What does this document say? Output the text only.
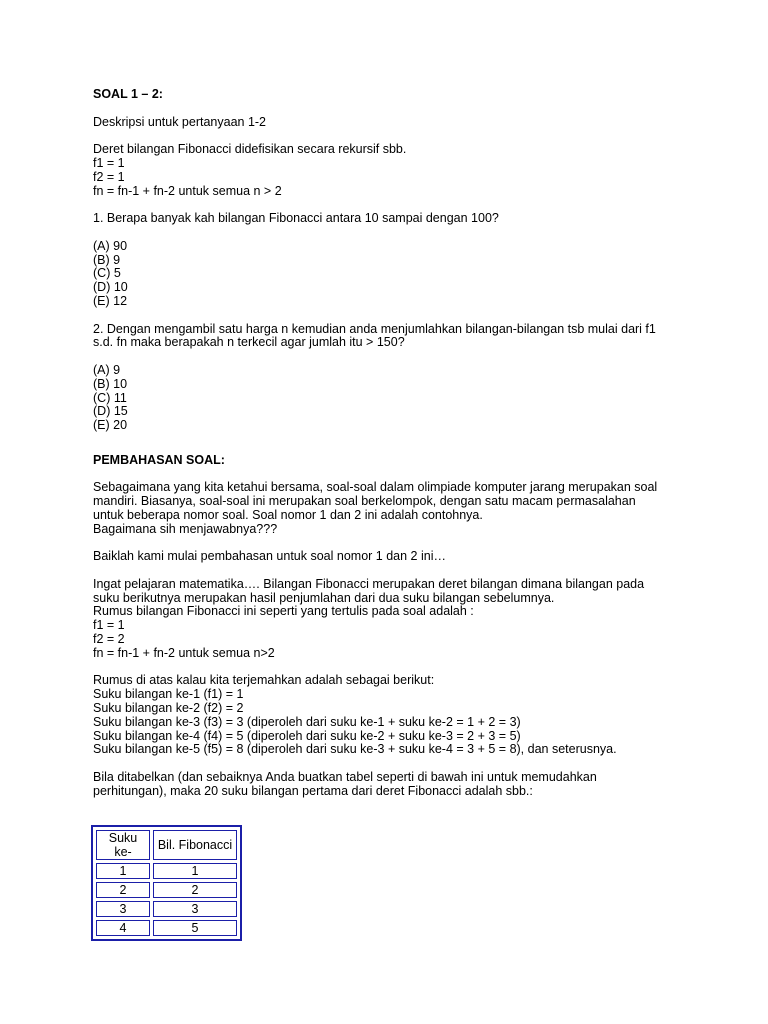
SOAL 1 – 2:
Deskripsi untuk pertanyaan 1-2
Deret bilangan Fibonacci didefisikan secara rekursif sbb.
f1 = 1
f2 = 1
fn = fn-1 + fn-2 untuk semua n > 2
1. Berapa banyak kah bilangan Fibonacci antara 10 sampai dengan 100?
(A) 90
(B) 9
(C) 5
(D) 10
(E) 12
2. Dengan mengambil satu harga n kemudian anda menjumlahkan bilangan-bilangan tsb mulai dari f1
s.d. fn maka berapakah n terkecil agar jumlah itu > 150?
(A) 9
(B) 10
(C) 11
(D) 15
(E) 20
PEMBAHASAN SOAL:
Sebagaimana yang kita ketahui bersama, soal-soal dalam olimpiade komputer jarang merupakan soal
mandiri. Biasanya, soal-soal ini merupakan soal berkelompok, dengan satu macam permasalahan
untuk beberapa nomor soal. Soal nomor 1 dan 2 ini adalah contohnya.
Bagaimana sih menjawabnya???
Baiklah kami mulai pembahasan untuk soal nomor 1 dan 2 ini…
Ingat pelajaran matematika…. Bilangan Fibonacci merupakan deret bilangan dimana bilangan pada
suku berikutnya merupakan hasil penjumlahan dari dua suku bilangan sebelumnya.
Rumus bilangan Fibonacci ini seperti yang tertulis pada soal adalah :
f1 = 1
f2 = 2
fn = fn-1 + fn-2 untuk semua n>2
Rumus di atas kalau kita terjemahkan adalah sebagai berikut:
Suku bilangan ke-1 (f1) = 1
Suku bilangan ke-2 (f2) = 2
Suku bilangan ke-3 (f3) = 3 (diperoleh dari suku ke-1 + suku ke-2 = 1 + 2 = 3)
Suku bilangan ke-4 (f4) = 5 (diperoleh dari suku ke-2 + suku ke-3 = 2 + 3 = 5)
Suku bilangan ke-5 (f5) = 8 (diperoleh dari suku ke-3 + suku ke-4 = 3 + 5 = 8), dan seterusnya.
Bila ditabelkan (dan sebaiknya Anda buatkan tabel seperti di bawah ini untuk memudahkan
perhitungan), maka 20 suku bilangan pertama dari deret Fibonacci adalah sbb.:
Suku ke-	Bil. Fibonacci
1	1
2	2
3	3
4	5
